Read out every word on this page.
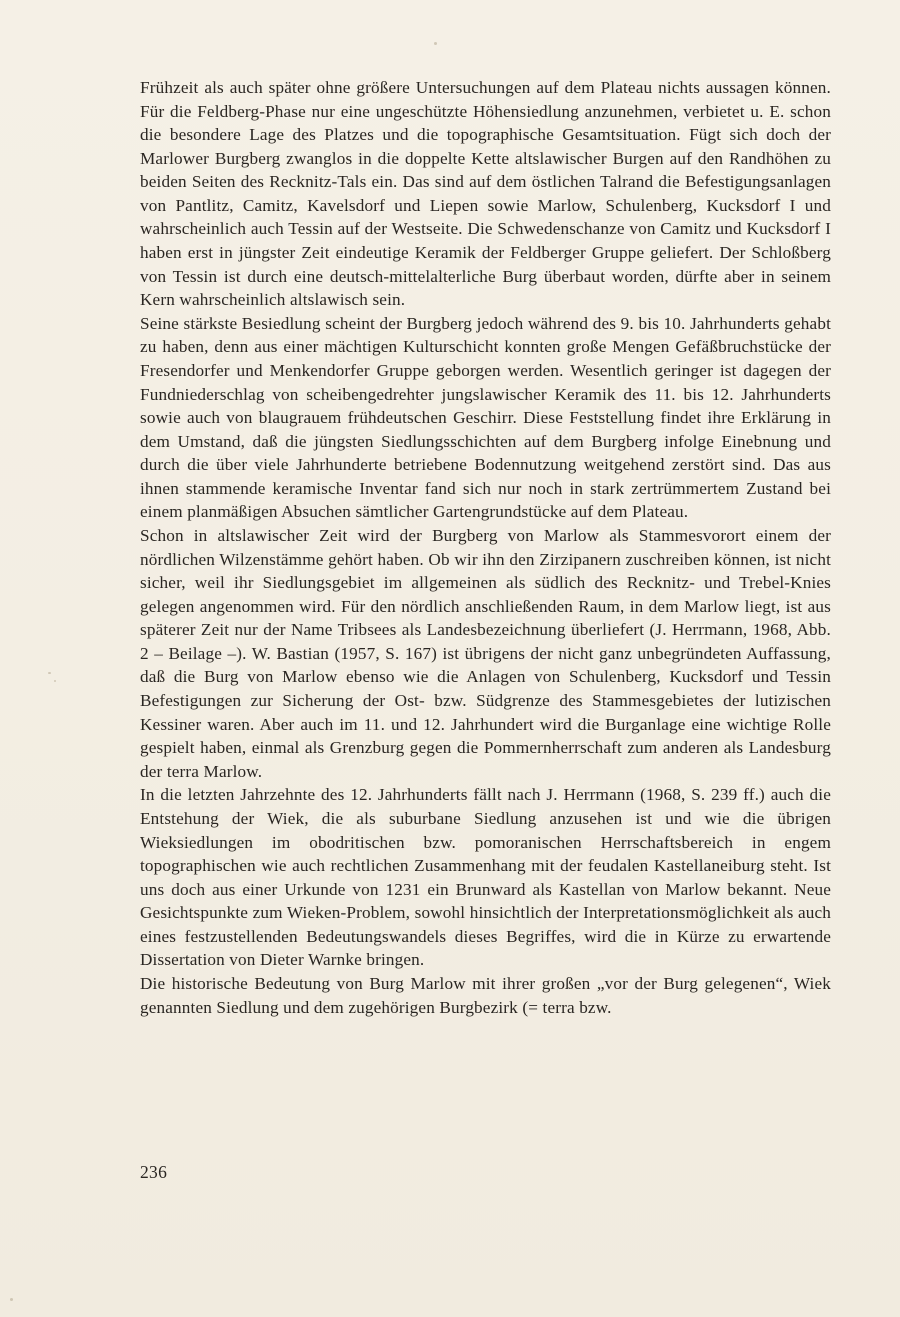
Frühzeit als auch später ohne größere Untersuchungen auf dem Plateau nichts aussagen können. Für die Feldberg-Phase nur eine ungeschützte Höhensiedlung anzunehmen, verbietet u. E. schon die besondere Lage des Platzes und die topographische Gesamtsituation. Fügt sich doch der Marlower Burgberg zwanglos in die doppelte Kette altslawischer Burgen auf den Randhöhen zu beiden Seiten des Recknitz-Tals ein. Das sind auf dem östlichen Talrand die Befestigungsanlagen von Pantlitz, Camitz, Kavelsdorf und Liepen sowie Marlow, Schulenberg, Kucksdorf I und wahrscheinlich auch Tessin auf der Westseite. Die Schwedenschanze von Camitz und Kucksdorf I haben erst in jüngster Zeit eindeutige Keramik der Feldberger Gruppe geliefert. Der Schloßberg von Tessin ist durch eine deutsch-mittelalterliche Burg überbaut worden, dürfte aber in seinem Kern wahrscheinlich altslawisch sein.

Seine stärkste Besiedlung scheint der Burgberg jedoch während des 9. bis 10. Jahrhunderts gehabt zu haben, denn aus einer mächtigen Kulturschicht konnten große Mengen Gefäßbruchstücke der Fresendorfer und Menkendorfer Gruppe geborgen werden. Wesentlich geringer ist dagegen der Fundniederschlag von scheibengedrehter jungslawischer Keramik des 11. bis 12. Jahrhunderts sowie auch von blaugrauem frühdeutschen Geschirr. Diese Feststellung findet ihre Erklärung in dem Umstand, daß die jüngsten Siedlungsschichten auf dem Burgberg infolge Einebnung und durch die über viele Jahrhunderte betriebene Bodennutzung weitgehend zerstört sind. Das aus ihnen stammende keramische Inventar fand sich nur noch in stark zertrümmertem Zustand bei einem planmäßigen Absuchen sämtlicher Gartengrundstücke auf dem Plateau.

Schon in altslawischer Zeit wird der Burgberg von Marlow als Stammesvorort einem der nördlichen Wilzenstämme gehört haben. Ob wir ihn den Zirzipanern zuschreiben können, ist nicht sicher, weil ihr Siedlungsgebiet im allgemeinen als südlich des Recknitz- und Trebel-Knies gelegen angenommen wird. Für den nördlich anschließenden Raum, in dem Marlow liegt, ist aus späterer Zeit nur der Name Tribsees als Landesbezeichnung überliefert (J. Herrmann, 1968, Abb. 2 – Beilage –). W. Bastian (1957, S. 167) ist übrigens der nicht ganz unbegründeten Auffassung, daß die Burg von Marlow ebenso wie die Anlagen von Schulenberg, Kucksdorf und Tessin Befestigungen zur Sicherung der Ost- bzw. Südgrenze des Stammesgebietes der lutizischen Kessiner waren. Aber auch im 11. und 12. Jahrhundert wird die Burganlage eine wichtige Rolle gespielt haben, einmal als Grenzburg gegen die Pommernherrschaft zum anderen als Landesburg der terra Marlow.

In die letzten Jahrzehnte des 12. Jahrhunderts fällt nach J. Herrmann (1968, S. 239 ff.) auch die Entstehung der Wiek, die als suburbane Siedlung anzusehen ist und wie die übrigen Wieksiedlungen im obodritischen bzw. pomoranischen Herrschaftsbereich in engem topographischen wie auch rechtlichen Zusammenhang mit der feudalen Kastellaneiburg steht. Ist uns doch aus einer Urkunde von 1231 ein Brunward als Kastellan von Marlow bekannt. Neue Gesichtspunkte zum Wieken-Problem, sowohl hinsichtlich der Interpretationsmöglichkeit als auch eines festzustellenden Bedeutungswandels dieses Begriffes, wird die in Kürze zu erwartende Dissertation von Dieter Warnke bringen.

Die historische Bedeutung von Burg Marlow mit ihrer großen „vor der Burg gelegenen“, Wiek genannten Siedlung und dem zugehörigen Burgbezirk (= terra bzw.

236
